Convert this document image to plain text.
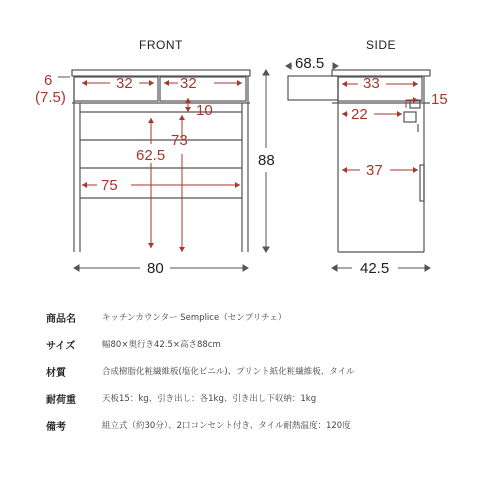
FRONT	SIDE
6
(7.5)
32	32
10
73
62.5
75
88
80
68.5
33
15
22
37
42.5
商品名	キッチンカウンター Semplice（センプリチェ）
サイズ	幅80×奥行き42.5×高さ88cm
材質	合成樹脂化粧繊維板(塩化ビニル)、プリント紙化粧繊維板、タイル
耐荷重	天板15：kg、引き出し：各1kg、引き出し下収納：1kg
備考	組立式（約30分）、2口コンセント付き、タイル耐熱温度：120度
